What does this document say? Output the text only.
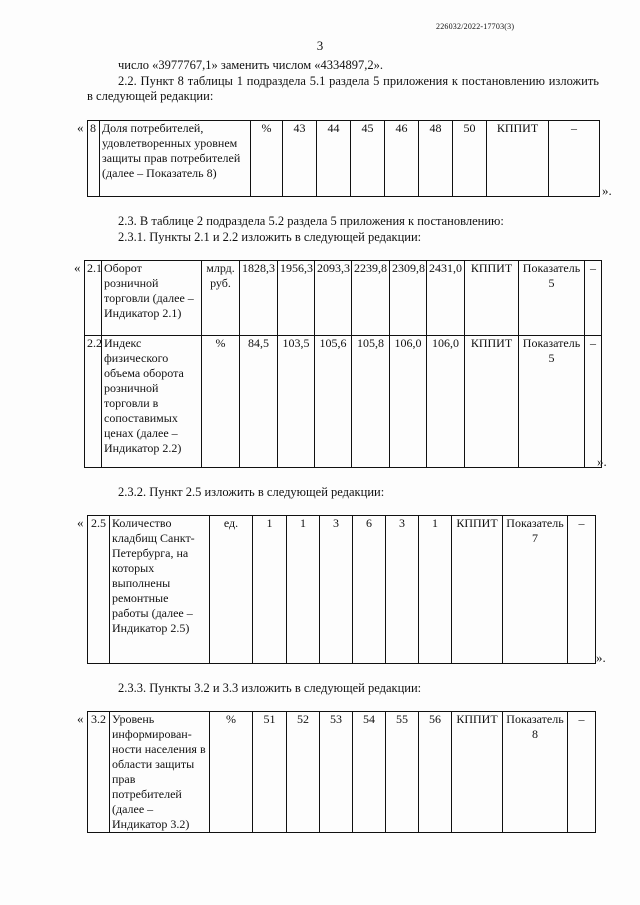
226032/2022-17703(3)
3
число «3977767,1» заменить числом «4334897,2».
2.2. Пункт 8 таблицы 1 подраздела 5.1 раздела 5 приложения к постановлению изложить в следующей редакции:
« 8	Доля потребителей, удовлетворенных уровнем защиты прав потребителей (далее – Показатель 8)	%	43	44	45	46	48	50	КППИТ	–
».
2.3. В таблице 2 подраздела 5.2 раздела 5 приложения к постановлению:
2.3.1. Пункты 2.1 и 2.2 изложить в следующей редакции:
« 2.1	Оборот розничной торговли (далее – Индикатор 2.1)	млрд. руб.	1828,3	1956,3	2093,3	2239,8	2309,8	2431,0	КППИТ	Показатель 5	–
2.2	Индекс физического объема оборота розничной торговли в сопоставимых ценах (далее – Индикатор 2.2)	%	84,5	103,5	105,6	105,8	106,0	106,0	КППИТ	Показатель 5	–
».
2.3.2. Пункт 2.5 изложить в следующей редакции:
« 2.5	Количество кладбищ Санкт-Петербурга, на которых выполнены ремонтные работы (далее – Индикатор 2.5)	ед.	1	1	3	6	3	1	КППИТ	Показатель 7	–
».
2.3.3. Пункты 3.2 и 3.3 изложить в следующей редакции:
« 3.2	Уровень информирован-ности населения в области защиты прав потребителей (далее – Индикатор 3.2)	%	51	52	53	54	55	56	КППИТ	Показатель 8	–
